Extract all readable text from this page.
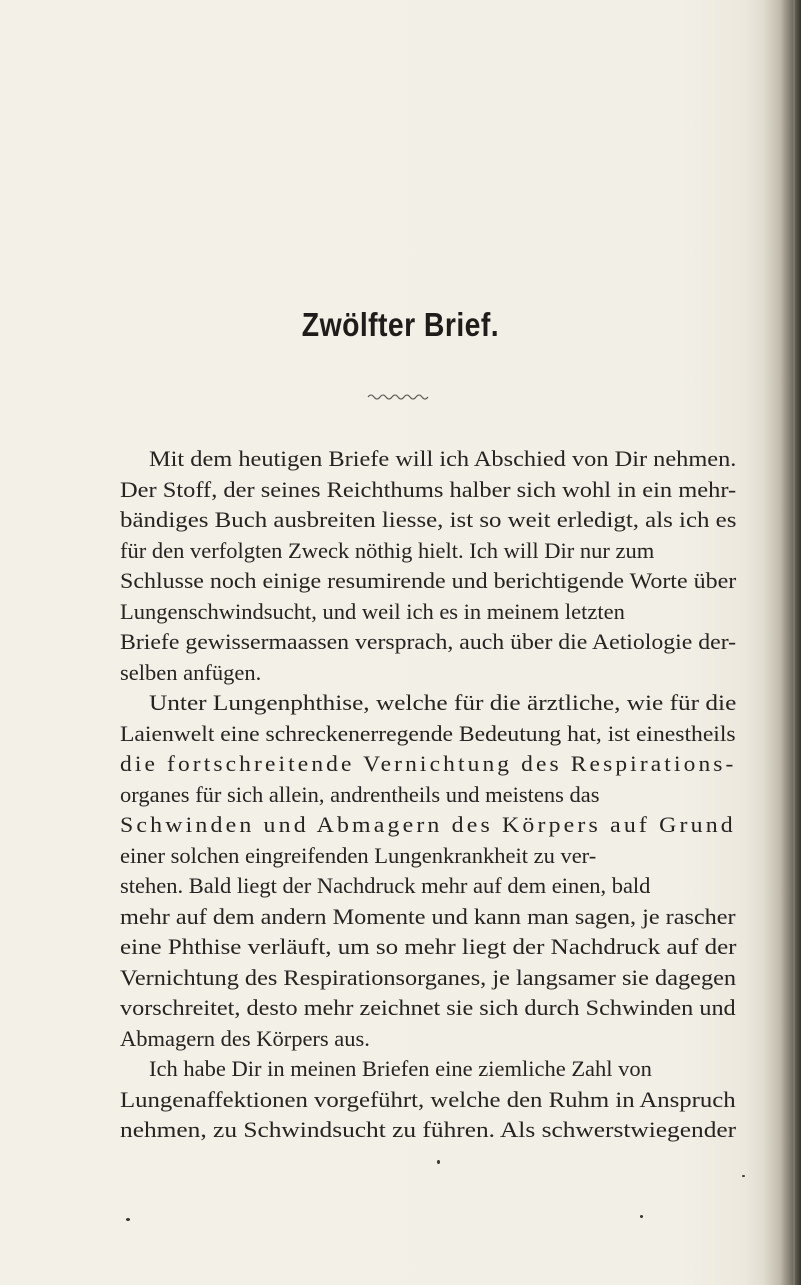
Zwölfter Brief.
Mit dem heutigen Briefe will ich Abschied von Dir nehmen.
Der Stoff, der seines Reichthums halber sich wohl in ein mehr-
bändiges Buch ausbreiten liesse, ist so weit erledigt, als ich es
für den verfolgten Zweck nöthig hielt. Ich will Dir nur zum
Schlusse noch einige resumirende und berichtigende Worte über
Lungenschwindsucht, und weil ich es in meinem letzten
Briefe gewissermaassen versprach, auch über die Aetiologie der-
selben anfügen.
Unter Lungenphthise, welche für die ärztliche, wie für die
Laienwelt eine schreckenerregende Bedeutung hat, ist einestheils
die fortschreitende Vernichtung des Respirations-
organes für sich allein, andrentheils und meistens das
Schwinden und Abmagern des Körpers auf Grund
einer solchen eingreifenden Lungenkrankheit zu ver-
stehen. Bald liegt der Nachdruck mehr auf dem einen, bald
mehr auf dem andern Momente und kann man sagen, je rascher
eine Phthise verläuft, um so mehr liegt der Nachdruck auf der
Vernichtung des Respirationsorganes, je langsamer sie dagegen
vorschreitet, desto mehr zeichnet sie sich durch Schwinden und
Abmagern des Körpers aus.
Ich habe Dir in meinen Briefen eine ziemliche Zahl von
Lungenaffektionen vorgeführt, welche den Ruhm in Anspruch
nehmen, zu Schwindsucht zu führen. Als schwerstwiegender
